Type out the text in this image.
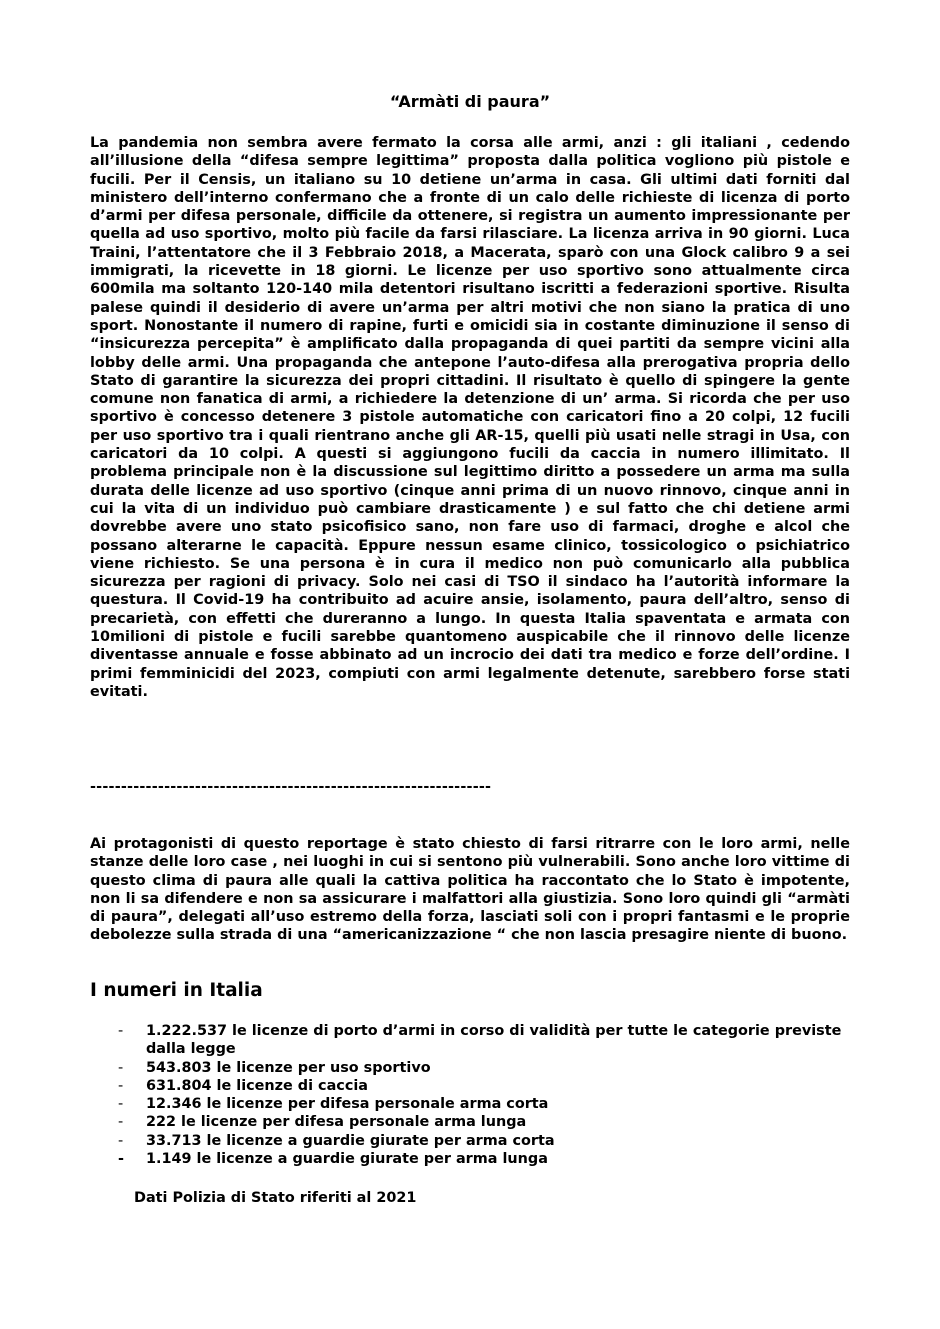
“Armàti di paura”

La pandemia non sembra avere fermato la corsa alle armi, anzi : gli italiani , cedendo all’illusione della “difesa sempre legittima” proposta dalla politica vogliono più pistole e fucili. Per il Censis, un italiano su 10 detiene un’arma in casa. Gli ultimi dati forniti dal ministero dell’interno confermano che a fronte di un calo delle richieste di licenza di porto d’armi per difesa personale, difficile da ottenere, si registra un aumento impressionante per quella ad uso sportivo, molto più facile da farsi rilasciare. La licenza arriva in 90 giorni. Luca Traini, l’attentatore che il 3 Febbraio 2018, a Macerata, sparò con una Glock calibro 9 a sei immigrati, la ricevette in 18 giorni. Le licenze per uso sportivo sono attualmente circa 600mila ma soltanto 120-140 mila detentori risultano iscritti a federazioni sportive. Risulta palese quindi il desiderio di avere un’arma per altri motivi che non siano la pratica di uno sport. Nonostante il numero di rapine, furti e omicidi sia in costante diminuzione il senso di “insicurezza percepita” è amplificato dalla propaganda di quei partiti da sempre vicini alla lobby delle armi. Una propaganda che antepone l’auto-difesa alla prerogativa propria dello Stato di garantire la sicurezza dei propri cittadini. Il risultato è quello di spingere la gente comune non fanatica di armi, a richiedere la detenzione di un’ arma. Si ricorda che per uso sportivo è concesso detenere 3 pistole automatiche con caricatori fino a 20 colpi, 12 fucili per uso sportivo tra i quali rientrano anche gli AR-15, quelli più usati nelle stragi in Usa, con caricatori da 10 colpi. A questi si aggiungono fucili da caccia in numero illimitato. Il problema principale non è la discussione sul legittimo diritto a possedere un arma ma sulla durata delle licenze ad uso sportivo (cinque anni prima di un nuovo rinnovo, cinque anni in cui la vita di un individuo può cambiare drasticamente ) e sul fatto che chi detiene armi dovrebbe avere uno stato psicofisico sano, non fare uso di farmaci, droghe e alcol che possano alterarne le capacità. Eppure nessun esame clinico, tossicologico o psichiatrico viene richiesto. Se una persona è in cura il medico non può comunicarlo alla pubblica sicurezza per ragioni di privacy. Solo nei casi di TSO il sindaco ha l’autorità informare la questura. Il Covid-19 ha contribuito ad acuire ansie, isolamento, paura dell’altro, senso di precarietà, con effetti che dureranno a lungo. In questa Italia spaventata e armata con 10milioni di pistole e fucili sarebbe quantomeno auspicabile che il rinnovo delle licenze diventasse annuale e fosse abbinato ad un incrocio dei dati tra medico e forze dell’ordine. I primi femminicidi del 2023, compiuti con armi legalmente detenute, sarebbero forse stati evitati.

-----------------------------------------------------------------

Ai protagonisti di questo reportage è stato chiesto di farsi ritrarre con le loro armi, nelle stanze delle loro case , nei luoghi in cui si sentono più vulnerabili. Sono anche loro vittime di questo clima di paura alle quali la cattiva politica ha raccontato che lo Stato è impotente, non li sa difendere e non sa assicurare i malfattori alla giustizia. Sono loro quindi gli “armàti di paura”, delegati all’uso estremo della forza, lasciati soli con i propri fantasmi e le proprie debolezze sulla strada di una “americanizzazione “ che non lascia presagire niente di buono.

I numeri in Italia
- 1.222.537 le licenze di porto d’armi in corso di validità per tutte le categorie previste dalla legge
- 543.803 le licenze per uso sportivo
- 631.804 le licenze di caccia
- 12.346 le licenze per difesa personale arma corta
- 222 le licenze per difesa personale arma lunga
- 33.713 le licenze a guardie giurate per arma corta
- 1.149 le licenze a guardie giurate per arma lunga

Dati Polizia di Stato riferiti al 2021
